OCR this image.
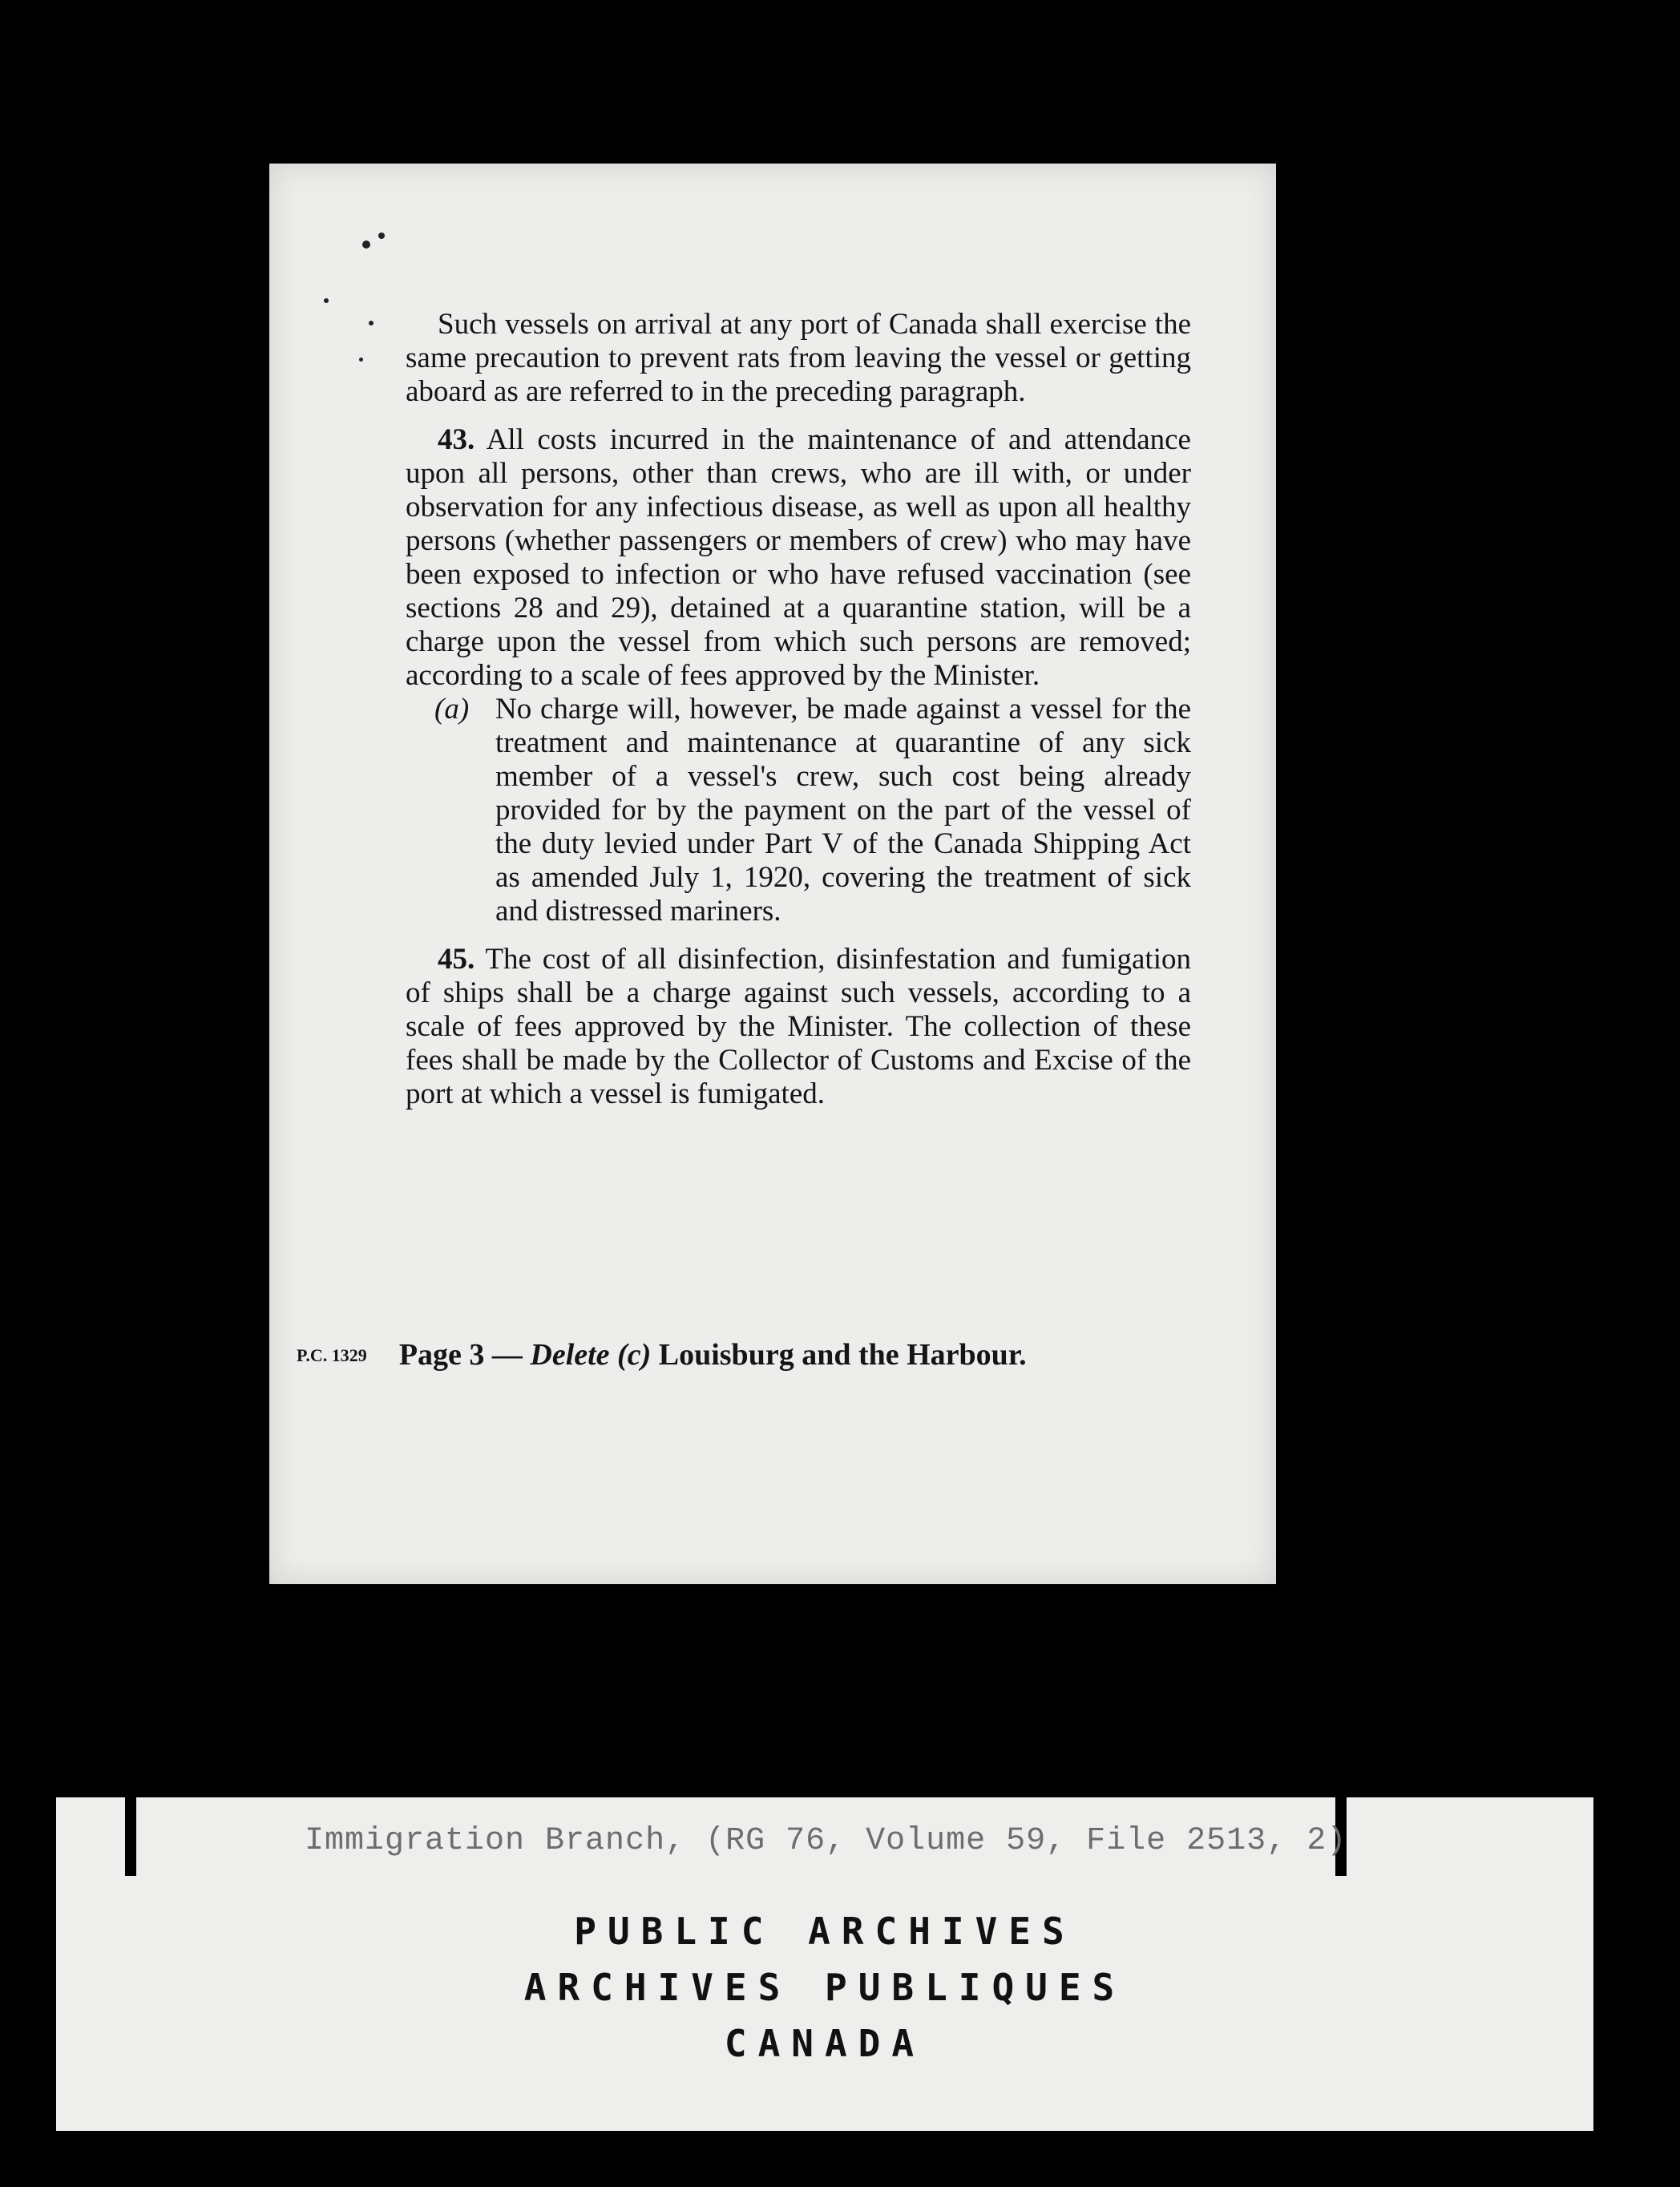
Such vessels on arrival at any port of Canada shall exercise the same precaution to prevent rats from leaving the vessel or getting aboard as are referred to in the preceding paragraph.

43. All costs incurred in the maintenance of and attendance upon all persons, other than crews, who are ill with, or under observation for any infectious disease, as well as upon all healthy persons (whether passengers or members of crew) who may have been exposed to infection or who have refused vaccination (see sections 28 and 29), detained at a quarantine station, will be a charge upon the vessel from which such persons are removed; according to a scale of fees approved by the Minister.

(a) No charge will, however, be made against a vessel for the treatment and maintenance at quarantine of any sick member of a vessel's crew, such cost being already provided for by the payment on the part of the vessel of the duty levied under Part V of the Canada Shipping Act as amended July 1, 1920, covering the treatment of sick and distressed mariners.

45. The cost of all disinfection, disinfestation and fumigation of ships shall be a charge against such vessels, according to a scale of fees approved by the Minister. The collection of these fees shall be made by the Collector of Customs and Excise of the port at which a vessel is fumigated.

P.C. 1329 Page 3 — Delete (c) Louisburg and the Harbour.
Immigration Branch, (RG 76, Volume 59, File 2513, 2)
PUBLIC ARCHIVES
ARCHIVES PUBLIQUES
CANADA
